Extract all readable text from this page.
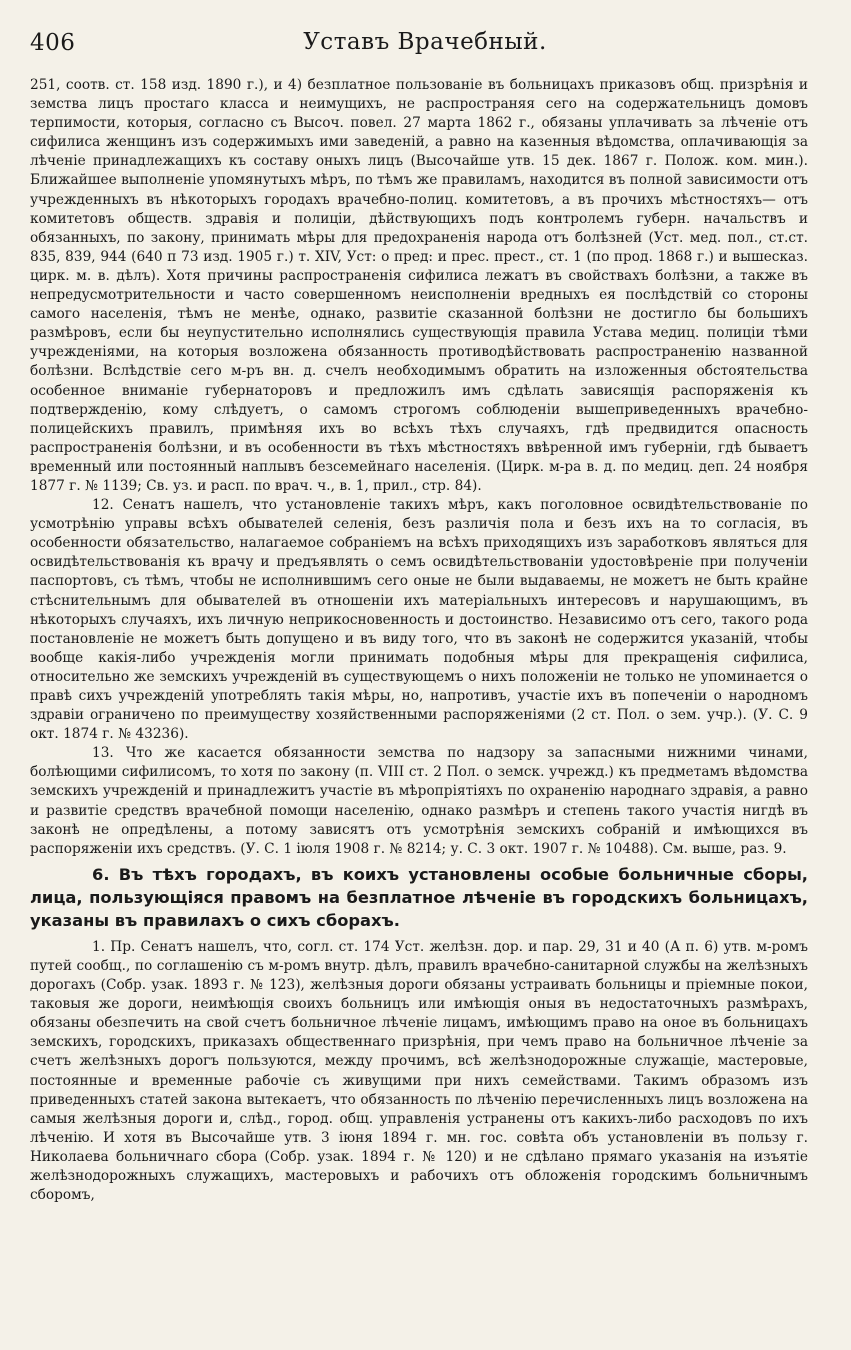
406	Уставъ Врачебный.

251, соотв. ст. 158 изд. 1890 г.), и 4) безплатное пользованіе въ больницахъ приказовъ общ. призрѣнія и земства лицъ простаго класса и неимущихъ, не распространяя сего на содержательницъ домовъ терпимости, которыя, согласно съ Высоч. повел. 27 марта 1862 г., обязаны уплачивать за лѣченіе отъ сифилиса женщинъ изъ содержимыхъ ими заведеній, а равно на казенныя вѣдомства, оплачивающія за лѣченіе принадлежащихъ къ составу оныхъ лицъ (Высочайше утв. 15 дек. 1867 г. Полож. ком. мин.). Ближайшее выполненіе упомянутыхъ мѣръ, по тѣмъ же правиламъ, находится въ полной зависимости отъ учрежденныхъ въ нѣкоторыхъ городахъ врачебно-полиц. комитетовъ, а въ прочихъ мѣстностяхъ— отъ комитетовъ обществ. здравія и полиціи, дѣйствующихъ подъ контролемъ губерн. начальствъ и обязанныхъ, по закону, принимать мѣры для предохраненія народа отъ болѣзней (Уст. мед. пол., ст.ст. 835, 839, 944 (640 п 73 изд. 1905 г.) т. XIV, Уст: о пред: и прес. прест., ст. 1 (по прод. 1868 г.) и вышесказ. цирк. м. в. дѣлъ). Хотя причины распространенія сифилиса лежатъ въ свойствахъ болѣзни, а также въ непредусмотрительности и часто совершенномъ неисполненіи вредныхъ ея послѣдствій со стороны самого населенія, тѣмъ не менѣе, однако, развитіе сказанной болѣзни не достигло бы большихъ размѣровъ, если бы неупустительно исполнялись существующія правила Устава медиц. полиціи тѣми учрежденіями, на которыя возложена обязанность противодѣйствовать распространенію названной болѣзни. Вслѣдствіе сего м-ръ вн. д. счелъ необходимымъ обратить на изложенныя обстоятельства особенное вниманіе губернаторовъ и предложилъ имъ сдѣлать зависящія распоряженія къ подтвержденію, кому слѣдуетъ, о самомъ строгомъ соблюденіи вышеприведенныхъ врачебно-полицейскихъ правилъ, примѣняя ихъ во всѣхъ тѣхъ случаяхъ, гдѣ предвидится опасность распространенія болѣзни, и въ особенности въ тѣхъ мѣстностяхъ ввѣренной имъ губерніи, гдѣ бываетъ временный или постоянный наплывъ безсемейнаго населенія. (Цирк. м-ра в. д. по медиц. деп. 24 ноября 1877 г. № 1139; Св. уз. и расп. по врач. ч., в. 1, прил., стр. 84).

12. Сенатъ нашелъ, что установленіе такихъ мѣръ, какъ поголовное освидѣтельствованіе по усмотрѣнію управы всѣхъ обывателей селенія, безъ различія пола и безъ ихъ на то согласія, въ особенности обязательство, налагаемое собраніемъ на всѣхъ приходящихъ изъ заработковъ являться для освидѣтельствованія къ врачу и предъявлять о семъ освидѣтельствованіи удостовѣреніе при полученіи паспортовъ, съ тѣмъ, чтобы не исполнившимъ сего оные не были выдаваемы, не можетъ не быть крайне стѣснительнымъ для обывателей въ отношеніи ихъ матеріальныхъ интересовъ и нарушающимъ, въ нѣкоторыхъ случаяхъ, ихъ личную неприкосновенность и достоинство. Независимо отъ сего, такого рода постановленіе не можетъ быть допущено и въ виду того, что въ законѣ не содержится указаній, чтобы вообще какія-либо учрежденія могли принимать подобныя мѣры для прекращенія сифилиса, относительно же земскихъ учрежденій въ существующемъ о нихъ положеніи не только не упоминается о правѣ сихъ учрежденій употреблять такія мѣры, но, напротивъ, участіе ихъ въ попеченіи о народномъ здравіи ограничено по преимуществу хозяйственными распоряженіями (2 ст. Пол. о зем. учр.). (У. С. 9 окт. 1874 г. № 43236).

13. Что же касается обязанности земства по надзору за запасными нижними чинами, болѣющими сифилисомъ, то хотя по закону (п. VIII ст. 2 Пол. о земск. учрежд.) къ предметамъ вѣдомства земскихъ учрежденій и принадлежитъ участіе въ мѣропріятіяхъ по охраненію народнаго здравія, а равно и развитіе средствъ врачебной помощи населенію, однако размѣръ и степень такого участія нигдѣ въ законѣ не опредѣлены, а потому зависятъ отъ усмотрѣнія земскихъ собраній и имѣющихся въ распоряженіи ихъ средствъ. (У. С. 1 іюля 1908 г. № 8214; у. С. 3 окт. 1907 г. № 10488). См. выше, раз. 9.

6. Въ тѣхъ городахъ, въ коихъ установлены особые больничные сборы, лица, пользующіяся правомъ на безплатное лѣченіе въ городскихъ больницахъ, указаны въ правилахъ о сихъ сборахъ.

1. Пр. Сенатъ нашелъ, что, согл. ст. 174 Уст. желѣзн. дор. и пар. 29, 31 и 40 (А п. 6) утв. м-ромъ путей сообщ., по соглашенію съ м-ромъ внутр. дѣлъ, правилъ врачебно-санитарной службы на желѣзныхъ дорогахъ (Собр. узак. 1893 г. № 123), желѣзныя дороги обязаны устраивать больницы и пріемные покои, таковыя же дороги, неимѣющія своихъ больницъ или имѣющія оныя въ недостаточныхъ размѣрахъ, обязаны обезпечить на свой счетъ больничное лѣченіе лицамъ, имѣющимъ право на оное въ больницахъ земскихъ, городскихъ, приказахъ общественнаго призрѣнія, при чемъ право на больничное лѣченіе за счетъ желѣзныхъ дорогъ пользуются, между прочимъ, всѣ желѣзнодорожные служащіе, мастеровые, постоянные и временные рабочіе съ живущими при нихъ семействами. Такимъ образомъ изъ приведенныхъ статей закона вытекаетъ, что обязанность по лѣченію перечисленныхъ лицъ возложена на самыя желѣзныя дороги и, слѣд., город. общ. управленія устранены отъ какихъ-либо расходовъ по ихъ лѣченію. И хотя въ Высочайше утв. 3 іюня 1894 г. мн. гос. совѣта объ установленіи въ пользу г. Николаева больничнаго сбора (Собр. узак. 1894 г. № 120) и не сдѣлано прямаго указанія на изъятіе желѣзнодорожныхъ служащихъ, мастеровыхъ и рабочихъ отъ обложенія городскимъ больничнымъ сборомъ,
